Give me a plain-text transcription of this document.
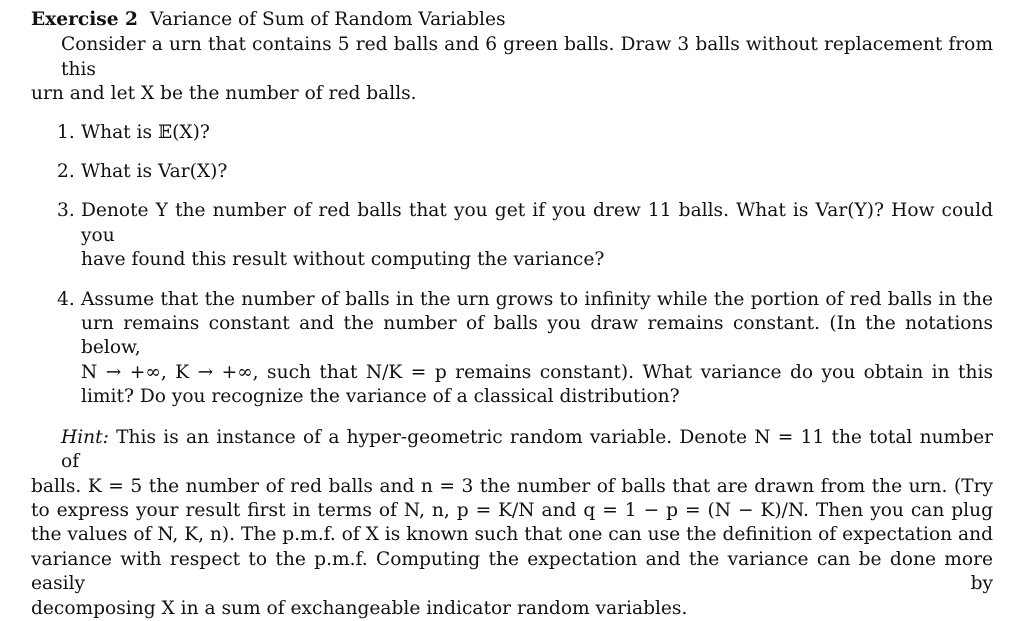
Exercise 2 Variance of Sum of Random Variables
Consider a urn that contains 5 red balls and 6 green balls. Draw 3 balls without replacement from this
urn and let X be the number of red balls.
1. What is 𝔼(X)?
2. What is Var(X)?
3. Denote Y the number of red balls that you get if you drew 11 balls. What is Var(Y)? How could you
have found this result without computing the variance?
4. Assume that the number of balls in the urn grows to infinity while the portion of red balls in the
urn remains constant and the number of balls you draw remains constant. (In the notations below,
N → +∞, K → +∞, such that N/K = p remains constant). What variance do you obtain in this
limit? Do you recognize the variance of a classical distribution?
Hint: This is an instance of a hyper-geometric random variable. Denote N = 11 the total number of
balls. K = 5 the number of red balls and n = 3 the number of balls that are drawn from the urn. (Try
to express your result first in terms of N, n, p = K/N and q = 1 − p = (N − K)/N. Then you can plug
the values of N, K, n). The p.m.f. of X is known such that one can use the definition of expectation and
variance with respect to the p.m.f. Computing the expectation and the variance can be done more easily by
decomposing X in a sum of exchangeable indicator random variables.
